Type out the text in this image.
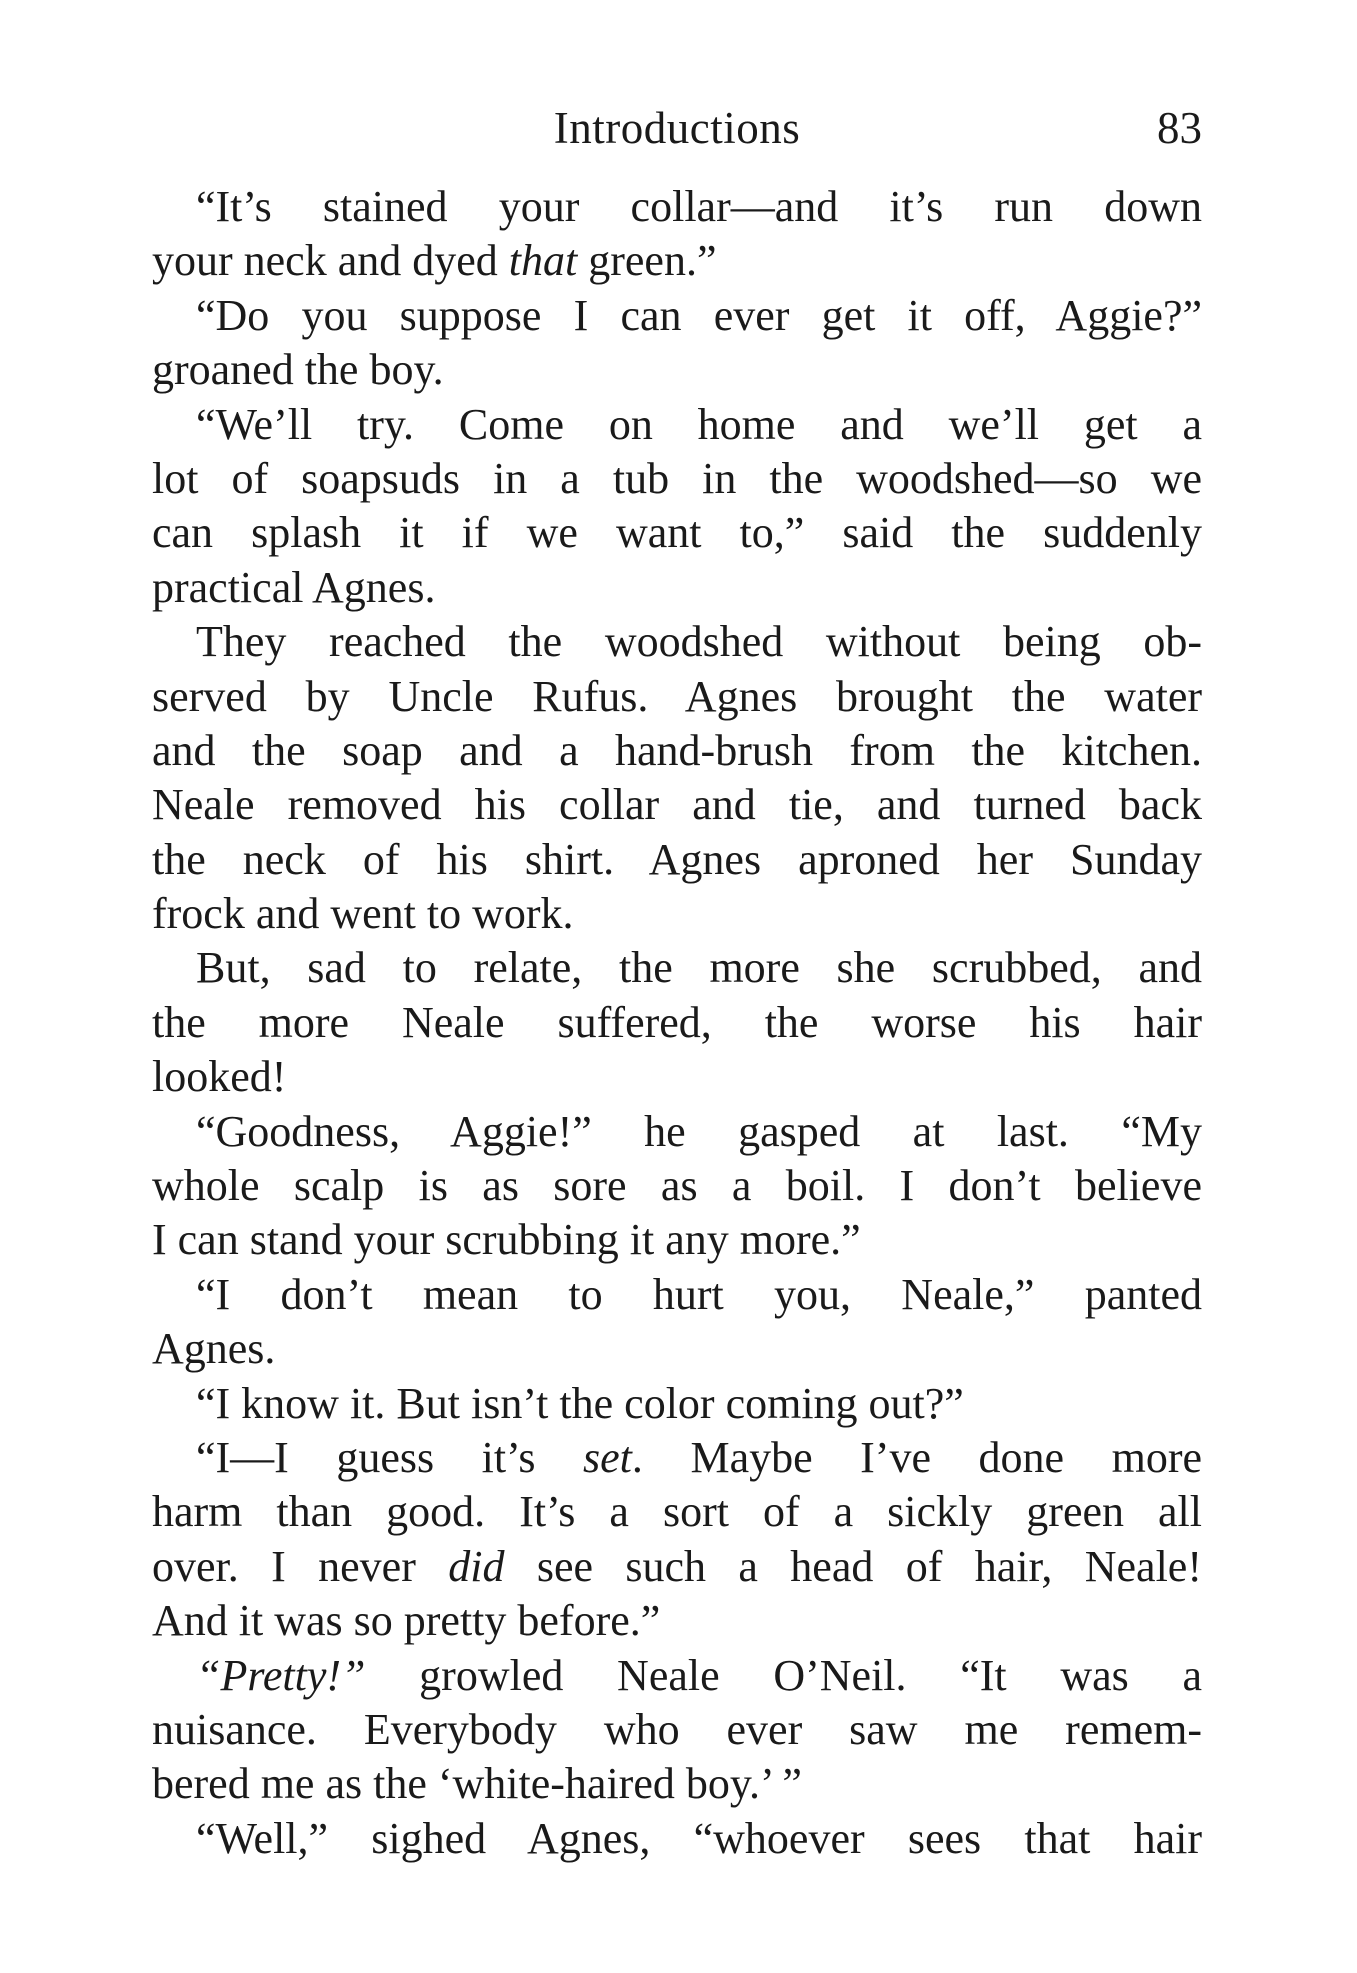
Introductions	83
“It’s stained your collar—and it’s run down
your neck and dyed that green.”
“Do you suppose I can ever get it off, Aggie?”
groaned the boy.
“We’ll try. Come on home and we’ll get a
lot of soapsuds in a tub in the woodshed—so we
can splash it if we want to,” said the suddenly
practical Agnes.
They reached the woodshed without being ob-
served by Uncle Rufus. Agnes brought the water
and the soap and a hand-brush from the kitchen.
Neale removed his collar and tie, and turned back
the neck of his shirt. Agnes aproned her Sunday
frock and went to work.
But, sad to relate, the more she scrubbed, and
the more Neale suffered, the worse his hair
looked!
“Goodness, Aggie!” he gasped at last. “My
whole scalp is as sore as a boil. I don’t believe
I can stand your scrubbing it any more.”
“I don’t mean to hurt you, Neale,” panted
Agnes.
“I know it. But isn’t the color coming out?”
“I—I guess it’s set. Maybe I’ve done more
harm than good. It’s a sort of a sickly green all
over. I never did see such a head of hair, Neale!
And it was so pretty before.”
“Pretty!” growled Neale O’Neil. “It was a
nuisance. Everybody who ever saw me remem-
bered me as the ‘white-haired boy.’ ”
“Well,” sighed Agnes, “whoever sees that hair
